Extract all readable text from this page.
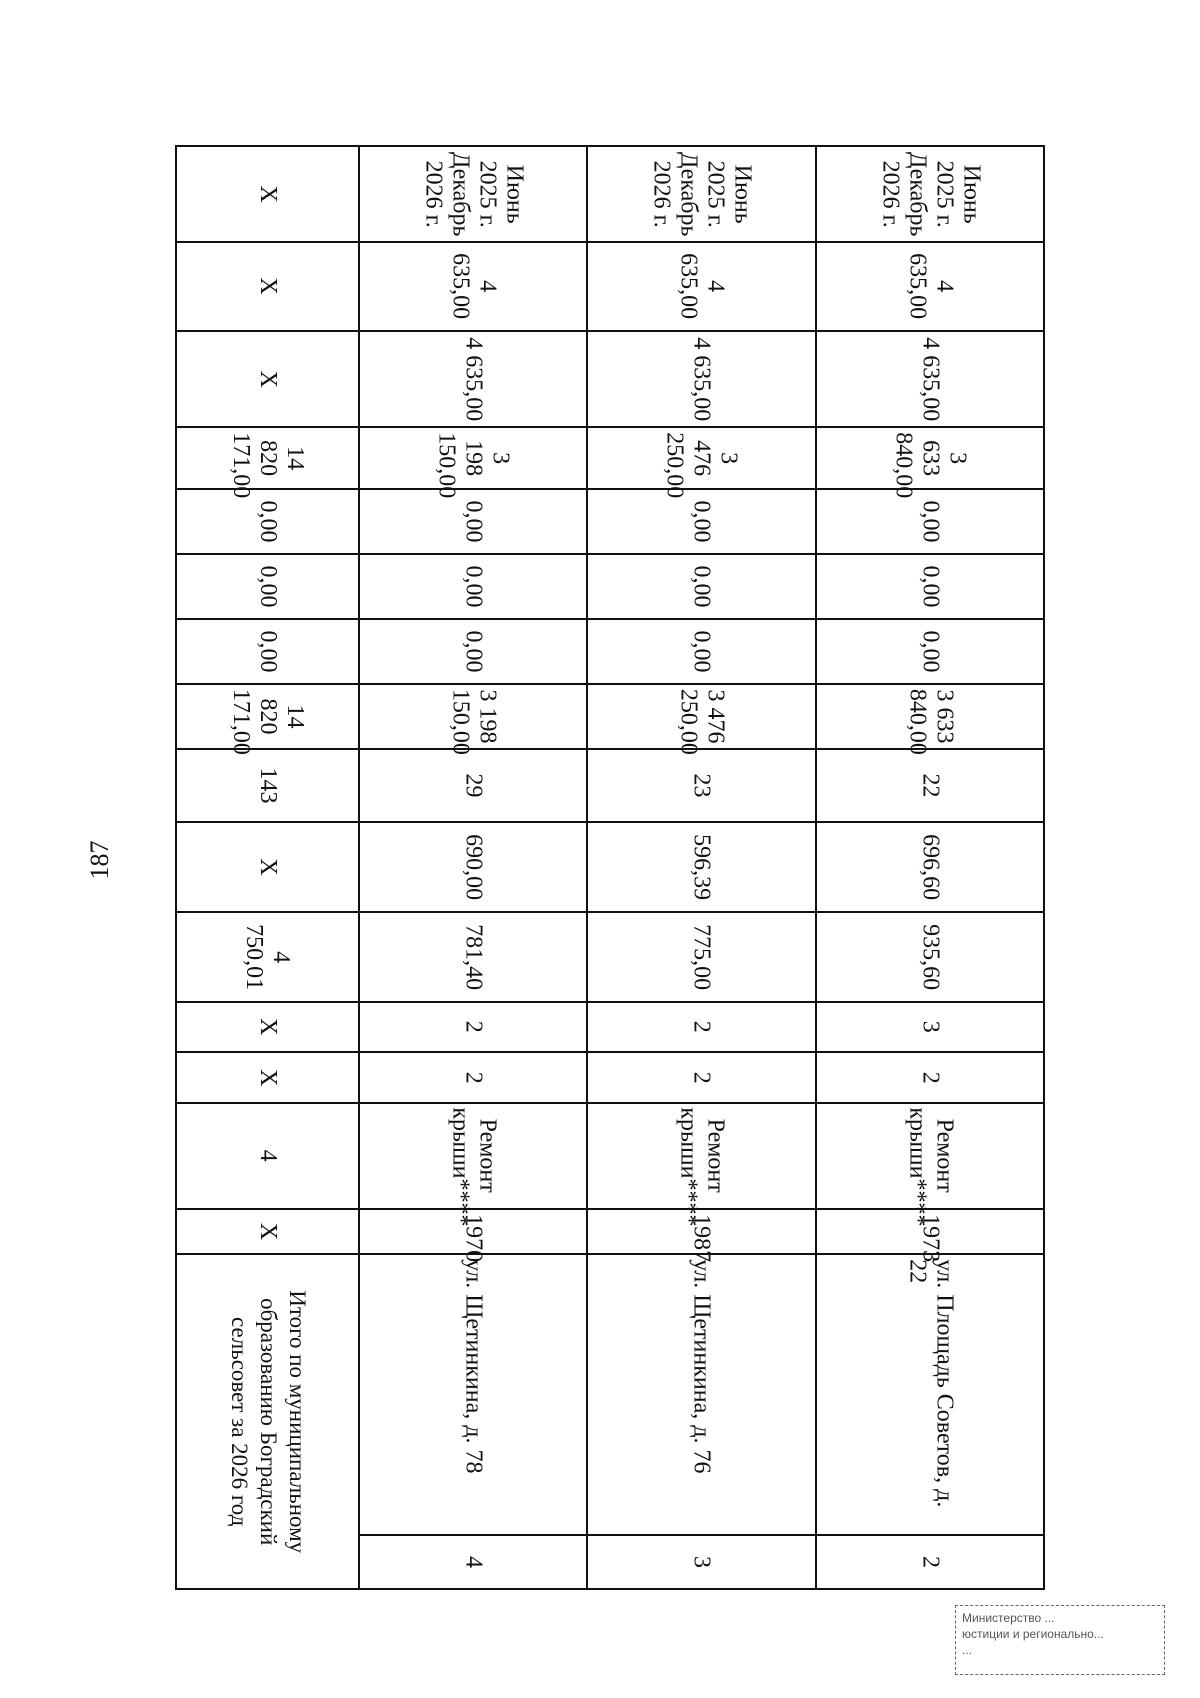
187
Итого по муниципальному образованию Боградский сельсовет за 2026 год		X	4	X	X	4 750,01	X	143	14 820 171,00	0,00	0,00	0,00	14 820 171,00	X	X	X
4	ул. Щетинкина, д. 78	1970	Ремонт крыши****	2	2	781,40	690,00	29	3 198 150,00	0,00	0,00	0,00	3 198 150,00	4 635,00	4 635,00	Июнь 2025 г. Декабрь 2026 г.
3	ул. Щетинкина, д. 76	1987	Ремонт крыши****	2	2	775,00	596,39	23	3 476 250,00	0,00	0,00	0,00	3 476 250,00	4 635,00	4 635,00	Июнь 2025 г. Декабрь 2026 г.
2	ул. Площадь Советов, д. 22	1973	Ремонт крыши****	2	3	935,60	696,60	22	3 633 840,00	0,00	0,00	0,00	3 633 840,00	4 635,00	4 635,00	Июнь 2025 г. Декабрь 2026 г.
Министерство ...
юстиции и регионально...
...
